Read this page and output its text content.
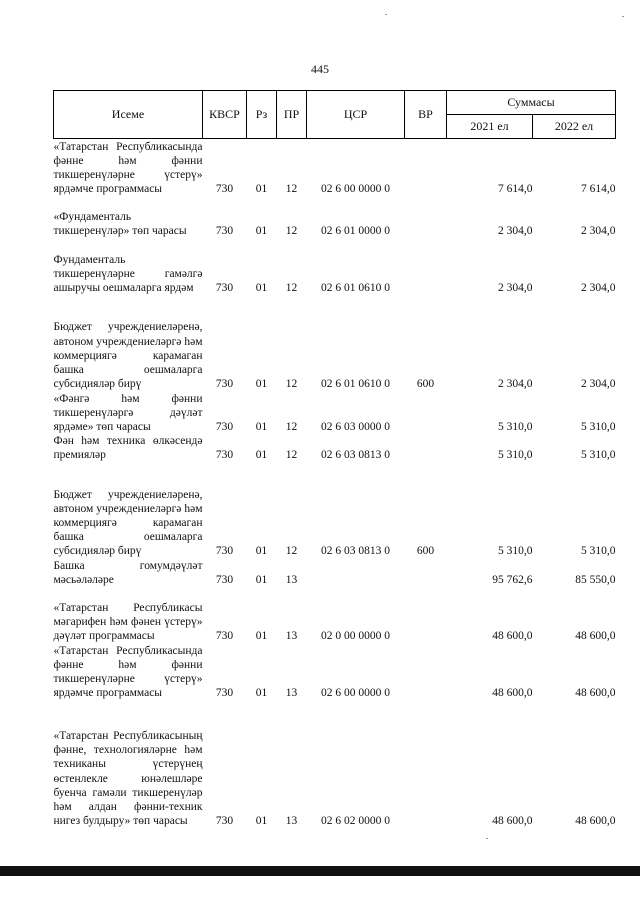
445
Исеме	КВСР	Рз	ПР	ЦСР	ВР	Суммасы	
						2021 ел	2022 ел
«Татарстан Республикасында фәнне һәм фәнни тикшеренүләрне үстерү» ярдәмче программасы	730	01	12	02 6 00 0000 0		7 614,0	7 614,0
«Фундаменталь тикшеренүләр» төп чарасы	730	01	12	02 6 01 0000 0		2 304,0	2 304,0
Фундаменталь тикшеренүләрне гамәлгә ашыручы оешмаларга ярдәм	730	01	12	02 6 01 0610 0		2 304,0	2 304,0
Бюджет учреждениеләренә, автоном учреждениеләргә һәм коммерциягә карамаган башка оешмаларга субсидияләр бирү	730	01	12	02 6 01 0610 0	600	2 304,0	2 304,0
«Фәнгә һәм фәнни тикшеренүләргә дәүләт ярдәме» төп чарасы	730	01	12	02 6 03 0000 0		5 310,0	5 310,0
Фән һәм техника өлкәсендә премияләр	730	01	12	02 6 03 0813 0		5 310,0	5 310,0
Бюджет учреждениеләренә, автоном учреждениеләргә һәм коммерциягә карамаган башка оешмаларга субсидияләр бирү	730	01	12	02 6 03 0813 0	600	5 310,0	5 310,0
Башка гомумдәүләт мәсьәләләре	730	01	13			95 762,6	85 550,0
«Татарстан Республикасы мәгарифен һәм фәнен үстерү» дәүләт программасы	730	01	13	02 0 00 0000 0		48 600,0	48 600,0
«Татарстан Республикасында фәнне һәм фәнни тикшеренүләрне үстерү» ярдәмче программасы	730	01	13	02 6 00 0000 0		48 600,0	48 600,0
«Татарстан Республикасының фәнне, технологияләрне һәм техниканы үстерүнең өстенлекле юнәлешләре буенча гамәли тикшеренүләр һәм алдан фәнни-техник нигез булдыру» төп чарасы	730	01	13	02 6 02 0000 0		48 600,0	48 600,0
